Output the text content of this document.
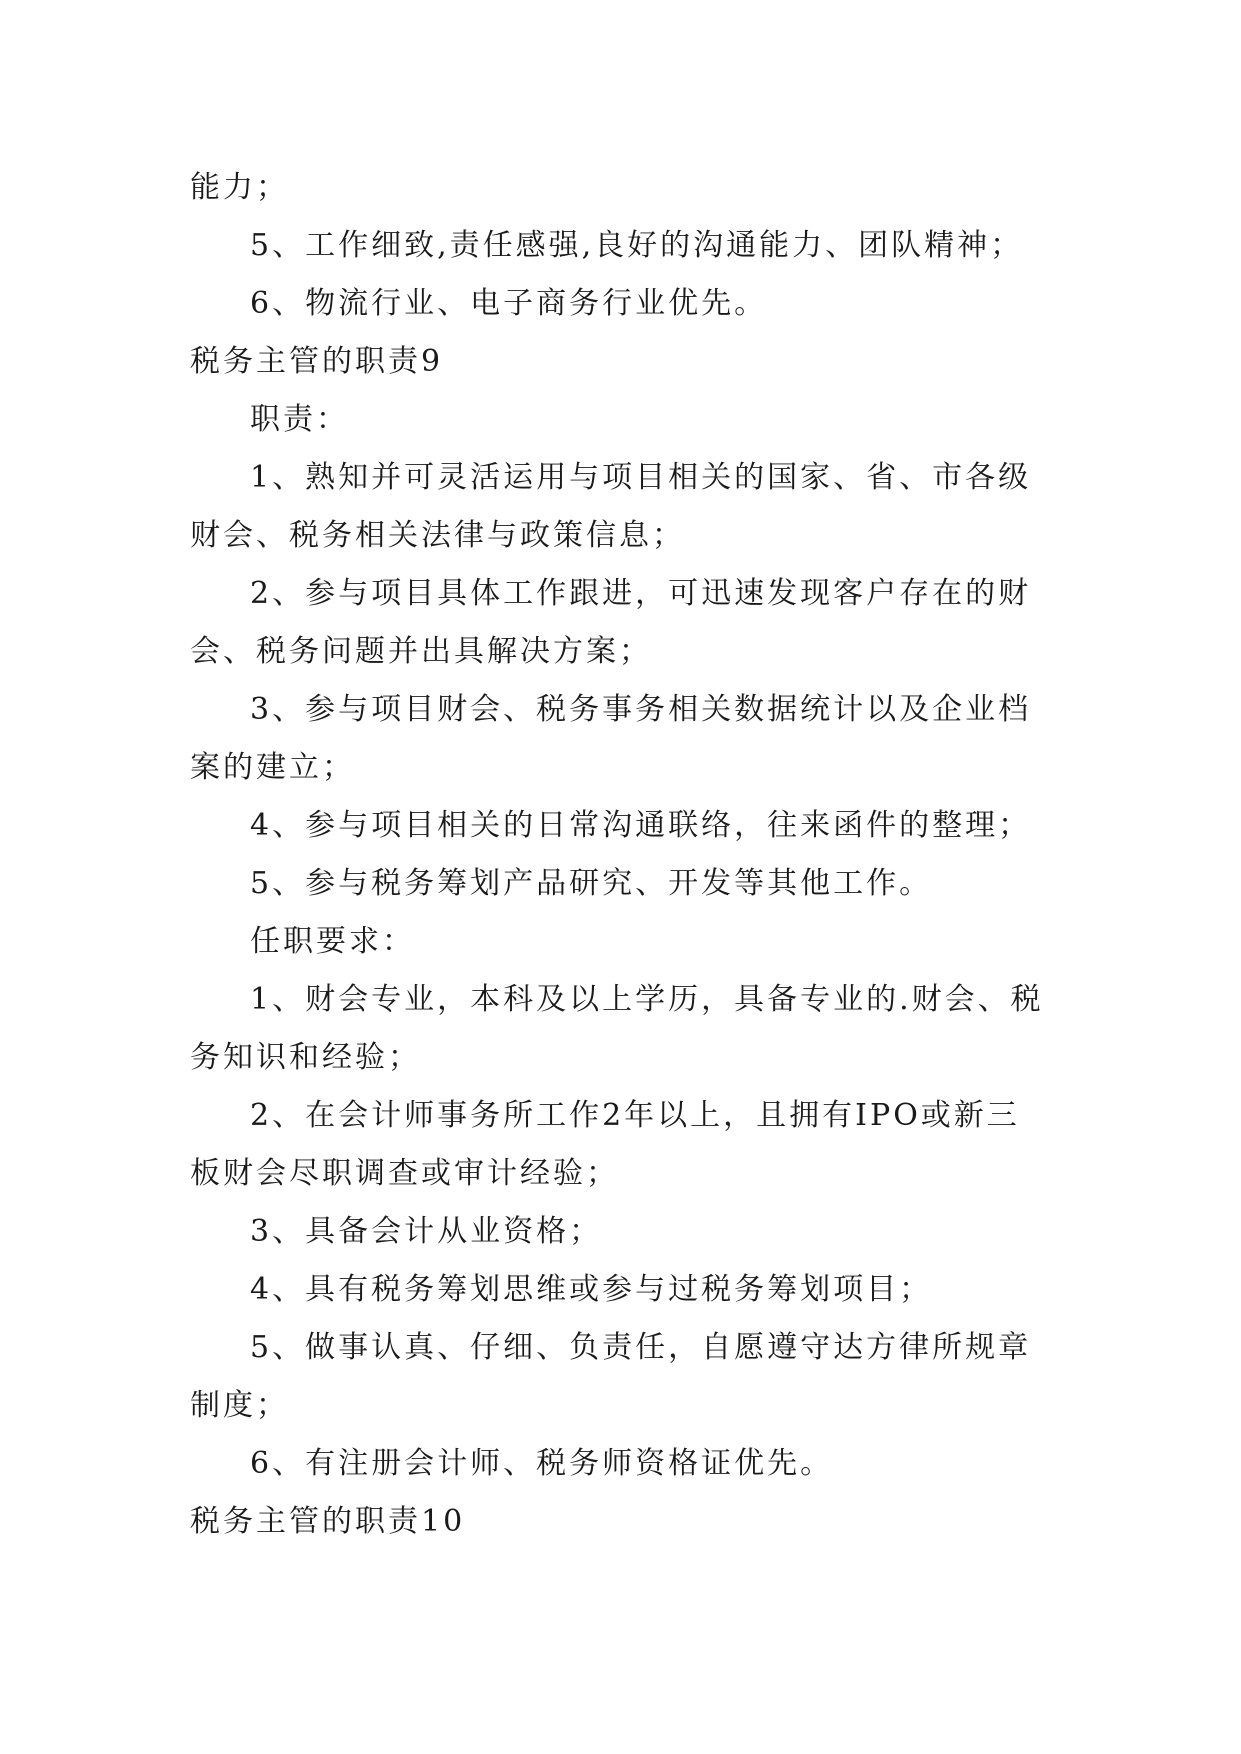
能力；
5、工作细致,责任感强,良好的沟通能力、团队精神；
6、物流行业、电子商务行业优先。
税务主管的职责9
职责：
1、熟知并可灵活运用与项目相关的国家、省、市各级
财会、税务相关法律与政策信息；
2、参与项目具体工作跟进，可迅速发现客户存在的财
会、税务问题并出具解决方案；
3、参与项目财会、税务事务相关数据统计以及企业档
案的建立；
4、参与项目相关的日常沟通联络，往来函件的整理；
5、参与税务筹划产品研究、开发等其他工作。
任职要求：
1、财会专业，本科及以上学历，具备专业的.财会、税
务知识和经验；
2、在会计师事务所工作2年以上，且拥有IPO或新三
板财会尽职调查或审计经验；
3、具备会计从业资格；
4、具有税务筹划思维或参与过税务筹划项目；
5、做事认真、仔细、负责任，自愿遵守达方律所规章
制度；
6、有注册会计师、税务师资格证优先。
税务主管的职责10
